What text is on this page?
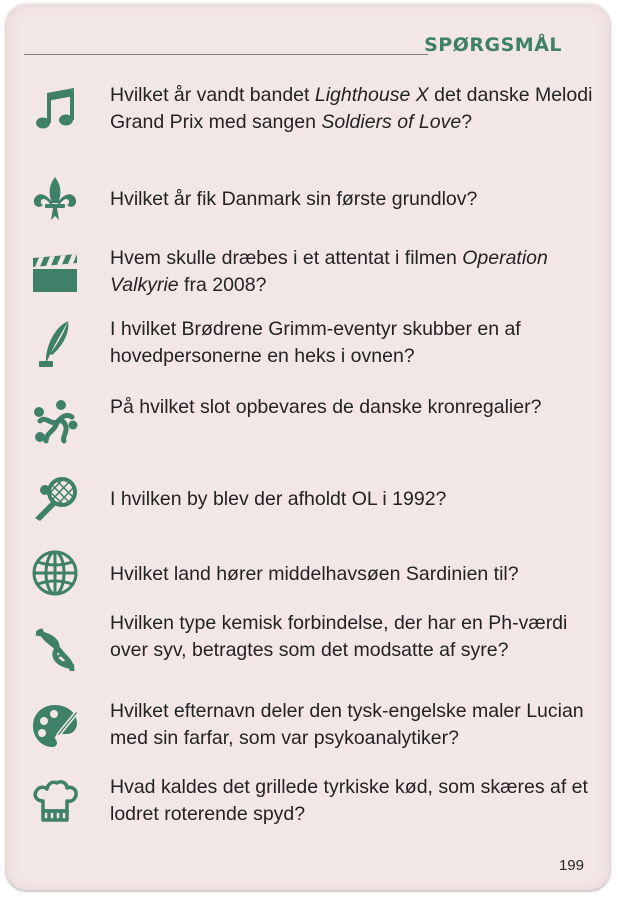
SPØRGSMÅL
Hvilket år vandt bandet Lighthouse X det danske Melodi Grand Prix med sangen Soldiers of Love?
Hvilket år fik Danmark sin første grundlov?
Hvem skulle dræbes i et attentat i filmen Operation Valkyrie fra 2008?
I hvilket Brødrene Grimm-eventyr skubber en af hovedpersonerne en heks i ovnen?
På hvilket slot opbevares de danske kronregalier?
I hvilken by blev der afholdt OL i 1992?
Hvilket land hører middelhavsøen Sardinien til?
Hvilken type kemisk forbindelse, der har en Ph-værdi over syv, betragtes som det modsatte af syre?
Hvilket efternavn deler den tysk-engelske maler Lucian med sin farfar, som var psykoanalytiker?
Hvad kaldes det grillede tyrkiske kød, som skæres af et lodret roterende spyd?
199
